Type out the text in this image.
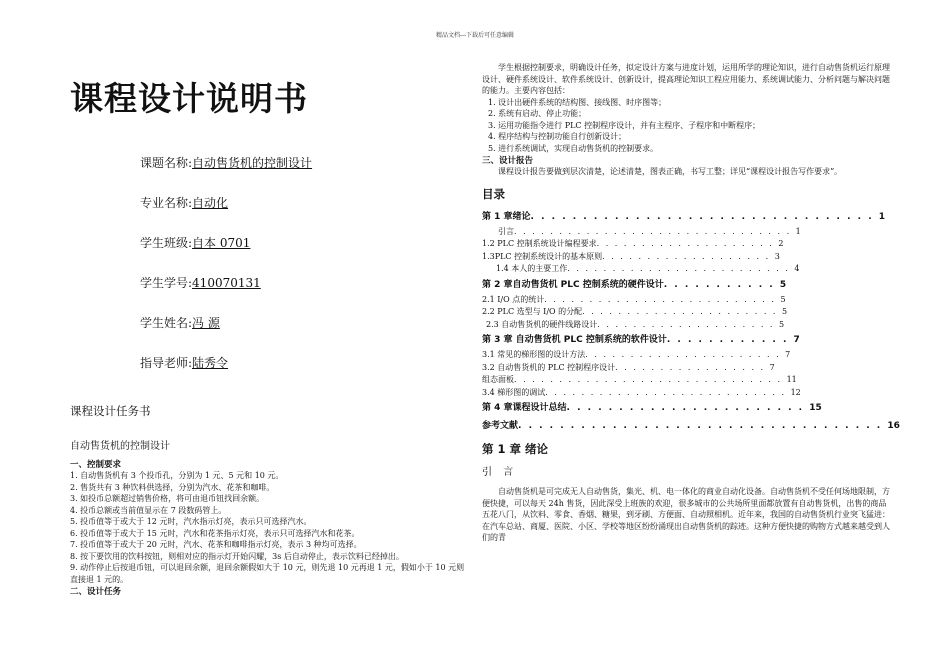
精品文档---下载后可任意编辑
课程设计说明书
课题名称:自动售货机的控制设计
专业名称:自动化
学生班级:自本 0701
学生学号:410070131
学生姓名:冯 源
指导老师:陆秀令
课程设计任务书
自动售货机的控制设计
一、控制要求
1. 自动售货机有 3 个投币孔，分别为 1 元、5 元和 10 元。
2. 售货共有 3 种饮料供选择，分别为汽水、花茶和咖啡。
3. 如投币总额超过销售价格，将可由退币钮找回余额。
4. 投币总额或当前值显示在 7 段数码管上。
5. 投币值等于或大于 12 元时，汽水指示灯亮，表示只可选择汽水。
6. 投币值等于或大于 15 元时，汽水和花茶指示灯亮，表示只可选择汽水和花茶。
7. 投币值等于或大于 20 元时，汽水、花茶和咖啡指示灯亮，表示 3 种均可选择。
8. 按下要饮用的饮料按钮，则相对应的指示灯开始闪耀，3s 后自动停止，表示饮料已经掉出。
9. 动作停止后按退币钮，可以退回余额，退回余额假如大于 10 元，则先退 10 元再退 1 元，假如小于 10 元则直接退 1 元的。
二、设计任务
学生根据控制要求，明确设计任务，拟定设计方案与进度计划，运用所学的理论知识，进行自动售货机运行原理设计、硬件系统设计、软件系统设计、创新设计，提高理论知识工程应用能力、系统调试能力、分析问题与解决问题的能力。主要内容包括：
1. 设计出硬件系统的结构图、接线图、时序图等；
2. 系统有启动、停止功能；
3. 运用功能指令进行 PLC 控制程序设计，并有主程序、子程序和中断程序；
4. 程序结构与控制功能自行创新设计；
5. 进行系统调试，实现自动售货机的控制要求。
三、设计报告
课程设计报告要做到层次清楚，论述清楚，图表正确，书写工整；详见“课程设计报告写作要求”。
目录
第 1 章绪论. . . . . . . . . . . . . . . . . . . . . . . . . . . . . . . . . 1
引言. . . . . . . . . . . . . . . . . . . . . . . . . . . . . . . 1
1.2 PLC 控制系统设计编程要求. . . . . . . . . . . . . . . . . . . . 2
1.3PLC 控制系统设计的基本原则. . . . . . . . . . . . . . . . . . . 3
1.4 本人的主要工作. . . . . . . . . . . . . . . . . . . . . . . . . 4
第 2 章自动售货机 PLC 控制系统的硬件设计. . . . . . . . . . . 5
2.1 I/O 点的统计. . . . . . . . . . . . . . . . . . . . . . . . . . 5
2.2 PLC 选型与 I/O 的分配. . . . . . . . . . . . . . . . . . . . . . 5
2.3 自动售货机的硬件线路设计. . . . . . . . . . . . . . . . . . . . 5
第 3 章 自动售货机 PLC 控制系统的软件设计. . . . . . . . . . . . 7
3.1 常见的梯形图的设计方法. . . . . . . . . . . . . . . . . . . . . . 7
3.2 自动售货机的 PLC 控制程序设计. . . . . . . . . . . . . . . . . 7
组态面板. . . . . . . . . . . . . . . . . . . . . . . . . . . . . . 11
3.4 梯形图的调试. . . . . . . . . . . . . . . . . . . . . . . . . . . 12
第 4 章课程设计总结. . . . . . . . . . . . . . . . . . . . . . . 15
参考文献. . . . . . . . . . . . . . . . . . . . . . . . . . . . . . . . . . . 16
第 1 章 绪论
引 言
自动售货机是可完成无人自动售货，集光、机、电一体化的商业自动化设备。自动售货机不受任何场地限制，方便快捷，可以每天 24h 售货，因此深受上班族的欢迎，很多城市的公共场所里面都放置有自动售货机，出售的商品五花八门，从饮料、零食、香烟、糖果，到牙刷、方便面、自动照相机。近年来，我国的自动售货机行业突飞猛进：在汽车总站、商厦、医院、小区、学校等地区纷纷涌现出自动售货机的踪迹。这种方便快捷的购物方式越来越受到人们的青
